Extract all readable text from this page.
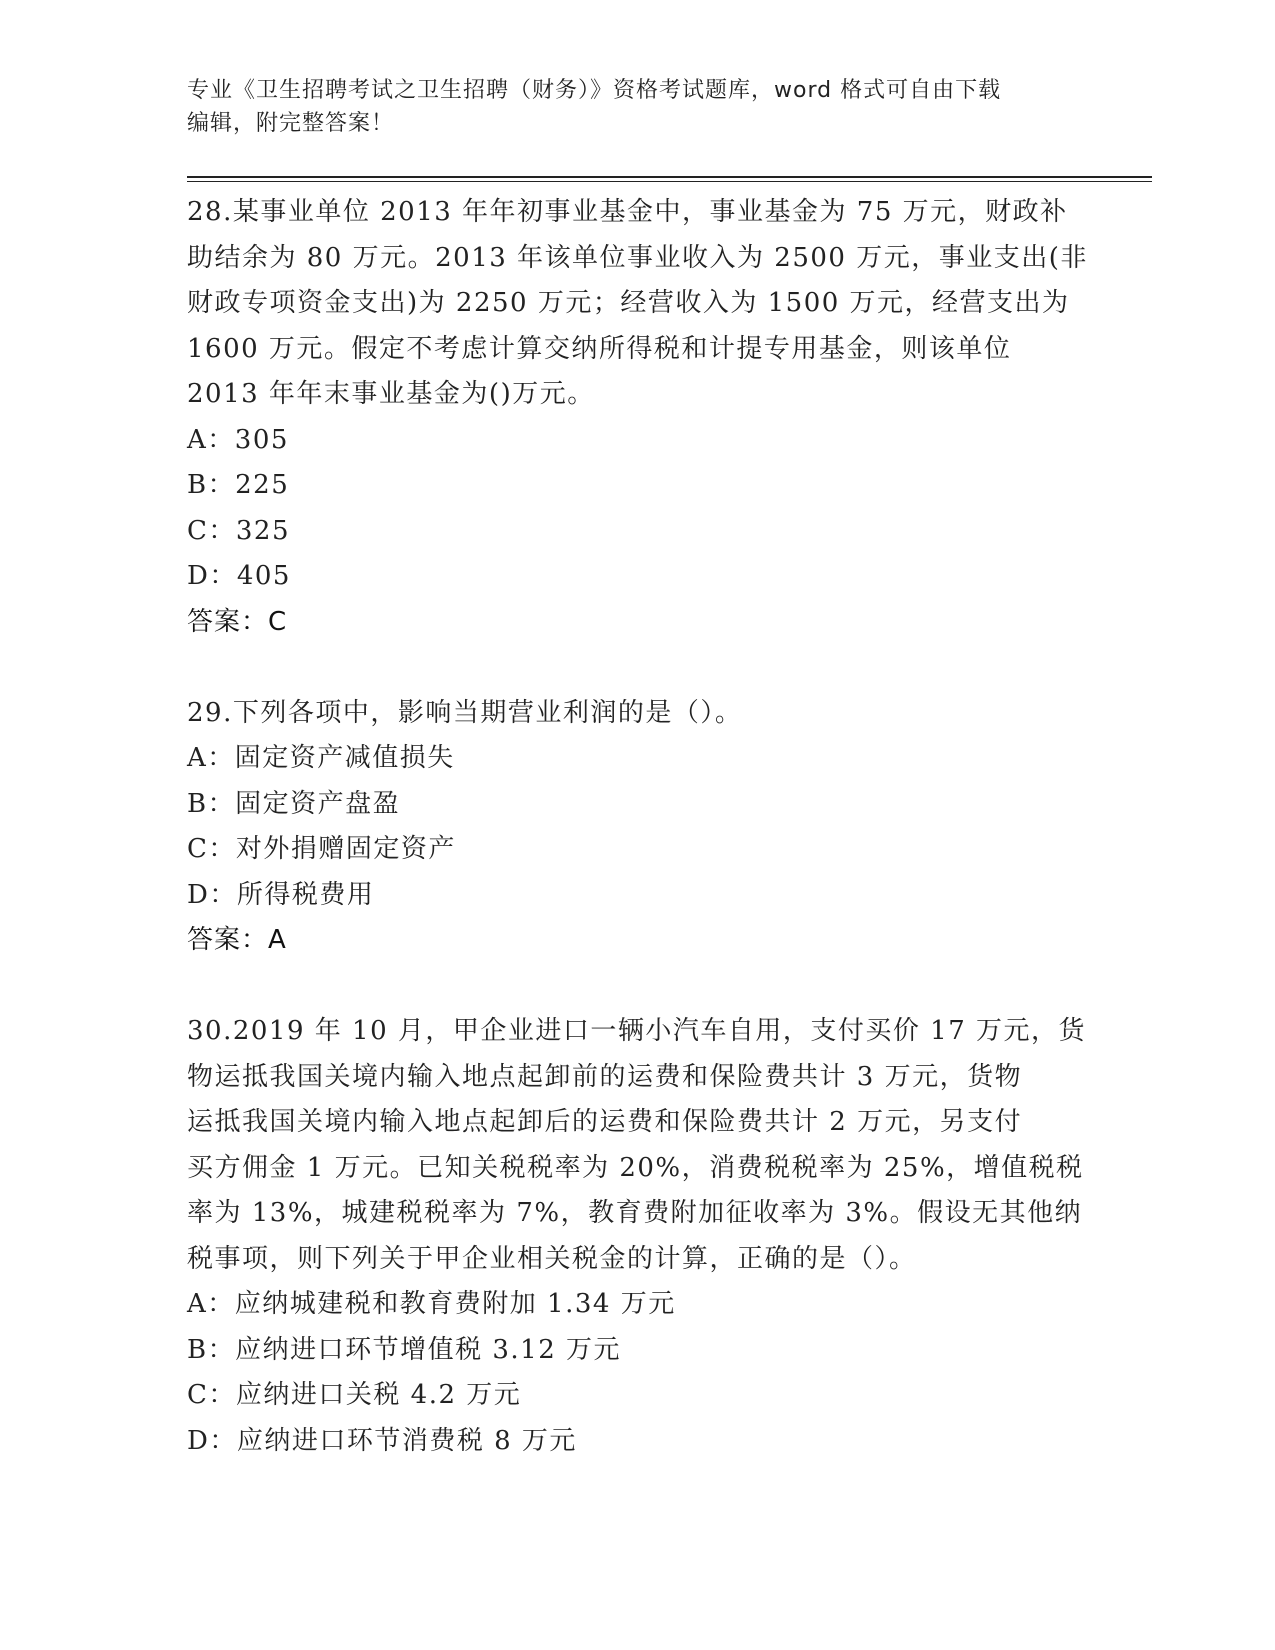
专业《卫生招聘考试之卫生招聘（财务）》资格考试题库，word 格式可自由下载
编辑，附完整答案！
28.某事业单位 2013 年年初事业基金中，事业基金为 75 万元，财政补
助结余为 80 万元。2013 年该单位事业收入为 2500 万元，事业支出(非
财政专项资金支出)为 2250 万元；经营收入为 1500 万元，经营支出为
1600 万元。假定不考虑计算交纳所得税和计提专用基金，则该单位
2013 年年末事业基金为()万元。
A：305
B：225
C：325
D：405
答案：C
29.下列各项中，影响当期营业利润的是（）。
A：固定资产减值损失
B：固定资产盘盈
C：对外捐赠固定资产
D：所得税费用
答案：A
30.2019 年 10 月，甲企业进口一辆小汽车自用，支付买价 17 万元，货
物运抵我国关境内输入地点起卸前的运费和保险费共计 3 万元，货物
运抵我国关境内输入地点起卸后的运费和保险费共计 2 万元，另支付
买方佣金 1 万元。已知关税税率为 20%，消费税税率为 25%，增值税税
率为 13%，城建税税率为 7%，教育费附加征收率为 3%。假设无其他纳
税事项，则下列关于甲企业相关税金的计算，正确的是（）。
A：应纳城建税和教育费附加 1.34 万元
B：应纳进口环节增值税 3.12 万元
C：应纳进口关税 4.2 万元
D：应纳进口环节消费税 8 万元
